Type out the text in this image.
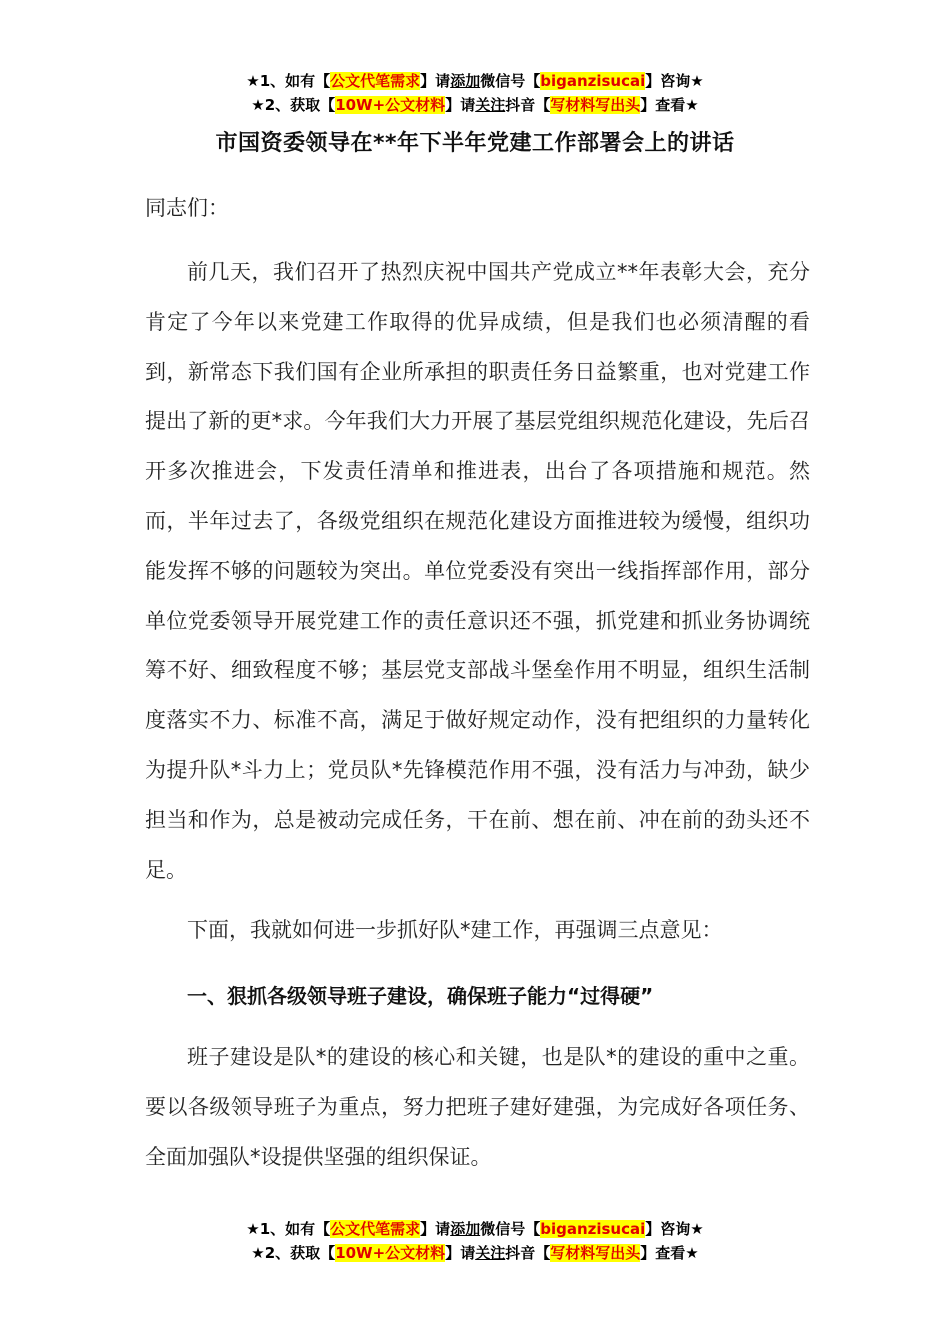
★1、如有【公文代笔需求】请添加微信号【biganzisucai】咨询★
★2、获取【10W+公文材料】请关注抖音【写材料写出头】查看★
市国资委领导在**年下半年党建工作部署会上的讲话
同志们：

前几天，我们召开了热烈庆祝中国共产党成立**年表彰大会，充分肯定了今年以来党建工作取得的优异成绩，但是我们也必须清醒的看到，新常态下我们国有企业所承担的职责任务日益繁重，也对党建工作提出了新的更*求。今年我们大力开展了基层党组织规范化建设，先后召开多次推进会，下发责任清单和推进表，出台了各项措施和规范。然而，半年过去了，各级党组织在规范化建设方面推进较为缓慢，组织功能发挥不够的问题较为突出。单位党委没有突出一线指挥部作用，部分单位党委领导开展党建工作的责任意识还不强，抓党建和抓业务协调统筹不好、细致程度不够；基层党支部战斗堡垒作用不明显，组织生活制度落实不力、标准不高，满足于做好规定动作，没有把组织的力量转化为提升队*斗力上；党员队*先锋模范作用不强，没有活力与冲劲，缺少担当和作为，总是被动完成任务，干在前、想在前、冲在前的劲头还不足。

下面，我就如何进一步抓好队*建工作，再强调三点意见：

一、狠抓各级领导班子建设，确保班子能力“过得硬”

班子建设是队*的建设的核心和关键，也是队*的建设的重中之重。要以各级领导班子为重点，努力把班子建好建强，为完成好各项任务、全面加强队*设提供坚强的组织保证。

★1、如有【公文代笔需求】请添加微信号【biganzisucai】咨询★
★2、获取【10W+公文材料】请关注抖音【写材料写出头】查看★
